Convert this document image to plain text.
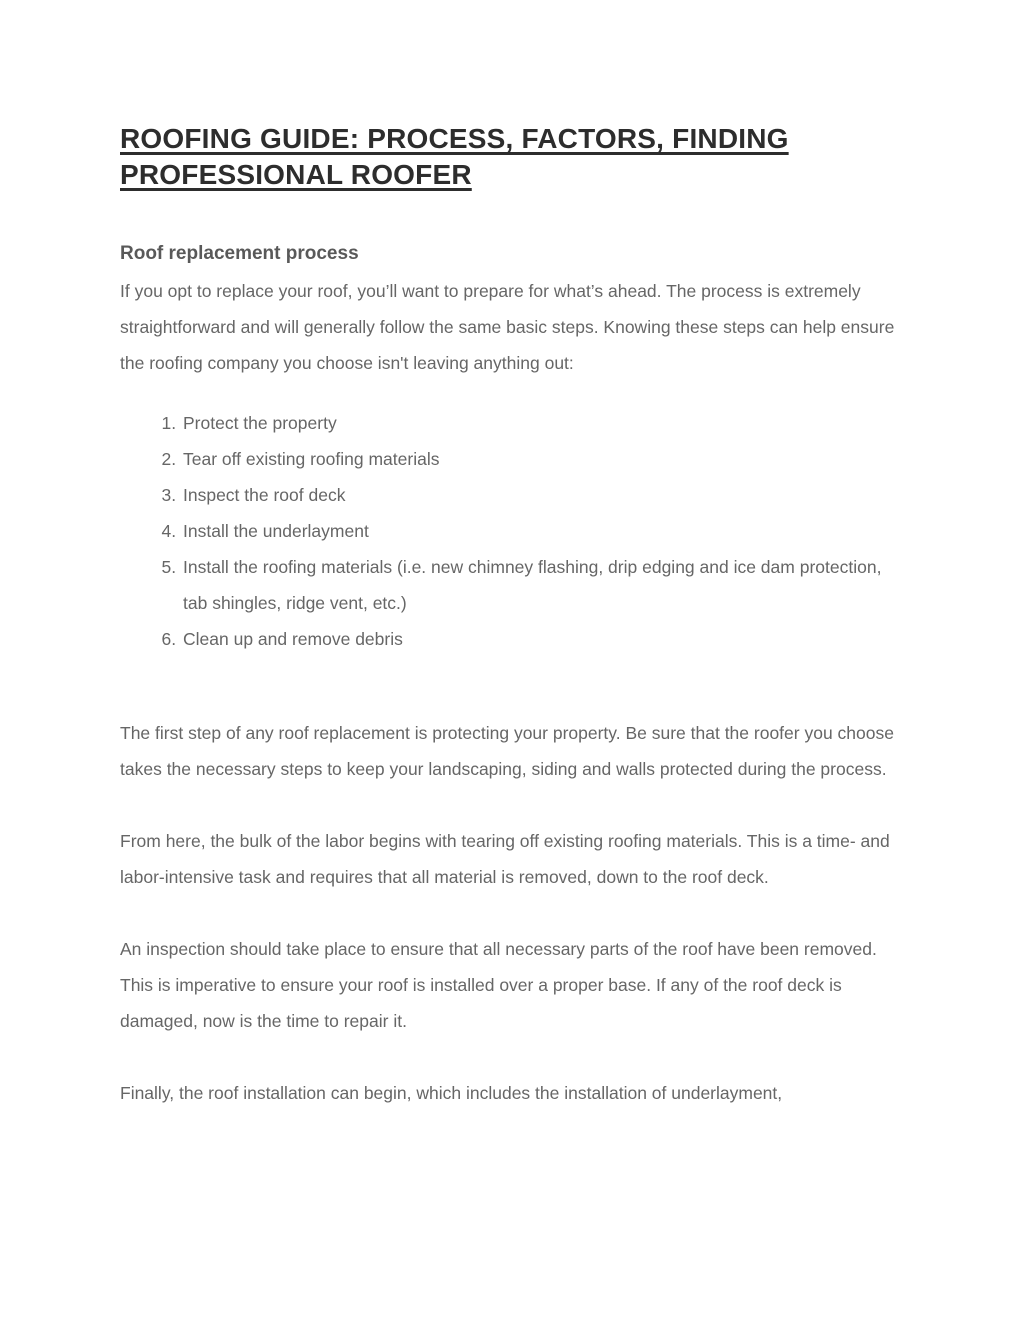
ROOFING GUIDE: PROCESS, FACTORS, FINDING PROFESSIONAL ROOFER
Roof replacement process

If you opt to replace your roof, you’ll want to prepare for what’s ahead. The process is extremely straightforward and will generally follow the same basic steps. Knowing these steps can help ensure the roofing company you choose isn't leaving anything out:

1. Protect the property
2. Tear off existing roofing materials
3. Inspect the roof deck
4. Install the underlayment
5. Install the roofing materials (i.e. new chimney flashing, drip edging and ice dam protection, tab shingles, ridge vent, etc.)
6. Clean up and remove debris

The first step of any roof replacement is protecting your property. Be sure that the roofer you choose takes the necessary steps to keep your landscaping, siding and walls protected during the process.

From here, the bulk of the labor begins with tearing off existing roofing materials. This is a time- and labor-intensive task and requires that all material is removed, down to the roof deck.

An inspection should take place to ensure that all necessary parts of the roof have been removed. This is imperative to ensure your roof is installed over a proper base. If any of the roof deck is damaged, now is the time to repair it.

Finally, the roof installation can begin, which includes the installation of underlayment,
